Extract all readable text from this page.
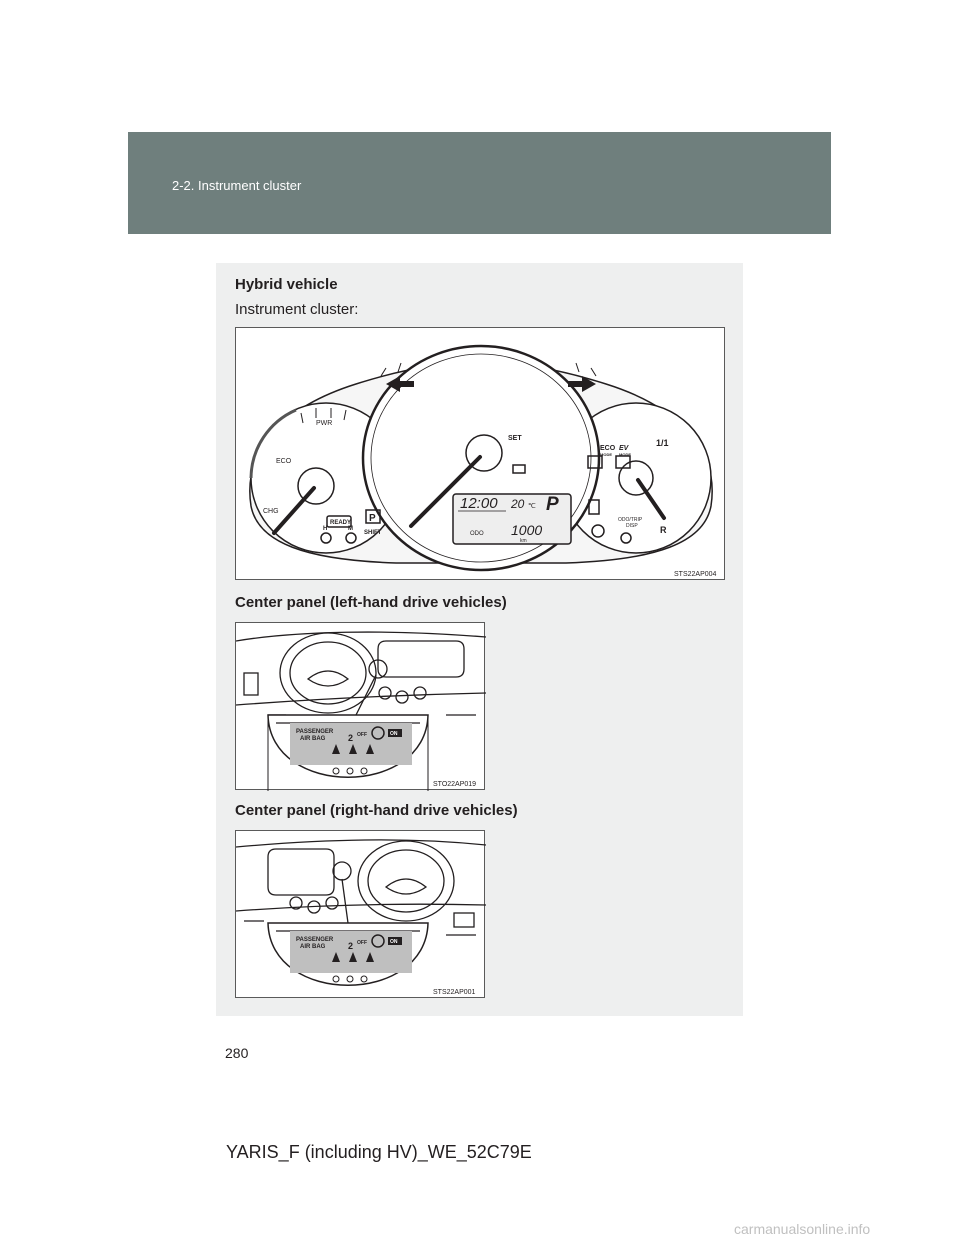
2-2. Instrument cluster
280
Hybrid vehicle
Instrument cluster:
PWR
ECO
CHG
SET
READY
H	M
SHIFT
P
12:00 20 ℃ P
ODO 1000
km
ECO
MODE
EV
MODE
ODO/TRIP
DISP R
1/1
STS22AP004
Center panel (left-hand drive vehicles)
PASSENGER
AIR BAG	2 OFF	ON
STO22AP019
Center panel (right-hand drive vehicles)
PASSENGER
AIR BAG	2 OFF	ON
STS22AP001
YARIS_F (including HV)_WE_52C79E
carmanualsonline.info
